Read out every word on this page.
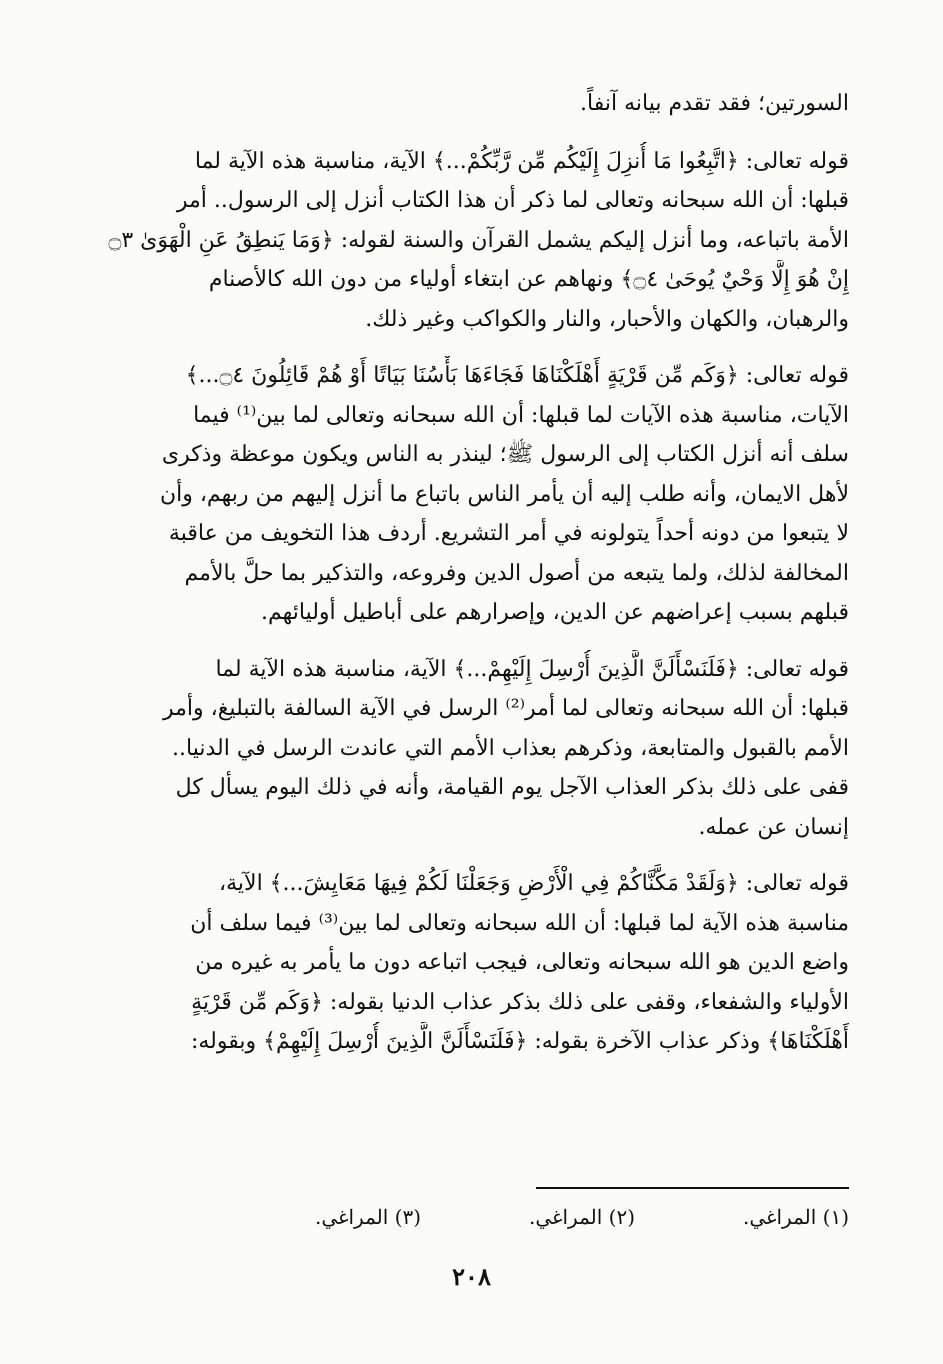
السورتين؛ فقد تقدم بيانه آنفاً.

قوله تعالى: ﴿اتَّبِعُوا مَا أُنزِلَ إِلَيْكُم مِّن رَّبِّكُمْ...﴾ الآية، مناسبة هذه الآية لما
قبلها: أن الله سبحانه وتعالى لما ذكر أن هذا الكتاب أنزل إلى الرسول.. أمر
الأمة باتباعه، وما أنزل إليكم يشمل القرآن والسنة لقوله: ﴿وَمَا يَنطِقُ عَنِ الْهَوَىٰ ۝٣
إِنْ هُوَ إِلَّا وَحْيٌ يُوحَىٰ ۝٤﴾ ونهاهم عن ابتغاء أولياء من دون الله كالأصنام
والرهبان، والكهان والأحبار، والنار والكواكب وغير ذلك.

قوله تعالى: ﴿وَكَم مِّن قَرْيَةٍ أَهْلَكْنَاهَا فَجَاءَهَا بَأْسُنَا بَيَاتًا أَوْ هُمْ قَائِلُونَ ۝٤...﴾
الآيات، مناسبة هذه الآيات لما قبلها: أن الله سبحانه وتعالى لما بين⁽¹⁾ فيما
سلف أنه أنزل الكتاب إلى الرسول ﷺ؛ لينذر به الناس ويكون موعظة وذكرى
لأهل الايمان، وأنه طلب إليه أن يأمر الناس باتباع ما أنزل إليهم من ربهم، وأن
لا يتبعوا من دونه أحداً يتولونه في أمر التشريع. أردف هذا التخويف من عاقبة
المخالفة لذلك، ولما يتبعه من أصول الدين وفروعه، والتذكير بما حلَّ بالأمم
قبلهم بسبب إعراضهم عن الدين، وإصرارهم على أباطيل أوليائهم.

قوله تعالى: ﴿فَلَنَسْأَلَنَّ الَّذِينَ أُرْسِلَ إِلَيْهِمْ...﴾ الآية، مناسبة هذه الآية لما
قبلها: أن الله سبحانه وتعالى لما أمر⁽²⁾ الرسل في الآية السالفة بالتبليغ، وأمر
الأمم بالقبول والمتابعة، وذكرهم بعذاب الأمم التي عاندت الرسل في الدنيا..
قفى على ذلك بذكر العذاب الآجل يوم القيامة، وأنه في ذلك اليوم يسأل كل
إنسان عن عمله.

قوله تعالى: ﴿وَلَقَدْ مَكَّنَّاكُمْ فِي الْأَرْضِ وَجَعَلْنَا لَكُمْ فِيهَا مَعَايِشَ...﴾ الآية،
مناسبة هذه الآية لما قبلها: أن الله سبحانه وتعالى لما بين⁽³⁾ فيما سلف أن
واضع الدين هو الله سبحانه وتعالى، فيجب اتباعه دون ما يأمر به غيره من
الأولياء والشفعاء، وقفى على ذلك بذكر عذاب الدنيا بقوله: ﴿وَكَم مِّن قَرْيَةٍ
أَهْلَكْنَاهَا﴾ وذكر عذاب الآخرة بقوله: ﴿فَلَنَسْأَلَنَّ الَّذِينَ أُرْسِلَ إِلَيْهِمْ﴾ وبقوله:

(١) المراغي.
(٢) المراغي.
(٣) المراغي.
٢٠٨
